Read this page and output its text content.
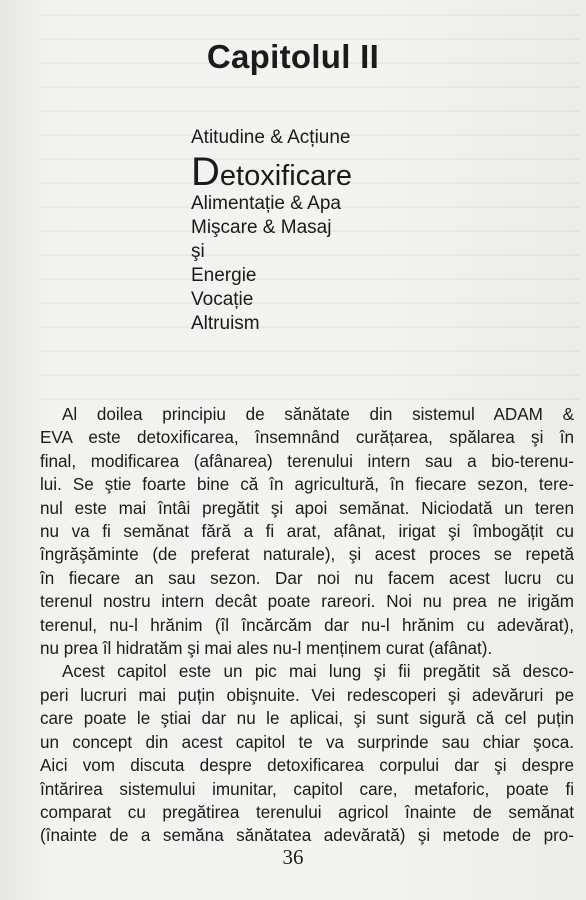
Capitolul II
Atitudine & Acțiune
Detoxificare
Alimentație & Apa
Mişcare & Masaj
şi
Energie
Vocație
Altruism
Al doilea principiu de sănătate din sistemul ADAM &
EVA este detoxificarea, însemnând curățarea, spălarea şi în
final, modificarea (afânarea) terenului intern sau a bio-terenu-
lui. Se ştie foarte bine că în agricultură, în fiecare sezon, tere-
nul este mai întâi pregătit şi apoi semănat. Niciodată un teren
nu va fi semănat fără a fi arat, afânat, irigat şi îmbogățit cu
îngrăşăminte (de preferat naturale), şi acest proces se repetă
în fiecare an sau sezon. Dar noi nu facem acest lucru cu
terenul nostru intern decât poate rareori. Noi nu prea ne irigăm
terenul, nu-l hrănim (îl încărcăm dar nu-l hrănim cu adevărat),
nu prea îl hidratăm şi mai ales nu-l menținem curat (afânat).
Acest capitol este un pic mai lung şi fii pregătit să desco-
peri lucruri mai puțin obişnuite. Vei redescoperi şi adevăruri pe
care poate le ştiai dar nu le aplicai, şi sunt sigură că cel puțin
un concept din acest capitol te va surprinde sau chiar şoca.
Aici vom discuta despre detoxificarea corpului dar şi despre
întărirea sistemului imunitar, capitol care, metaforic, poate fi
comparat cu pregătirea terenului agricol înainte de semănat
(înainte de a semăna sănătatea adevărată) şi metode de pro-
36
